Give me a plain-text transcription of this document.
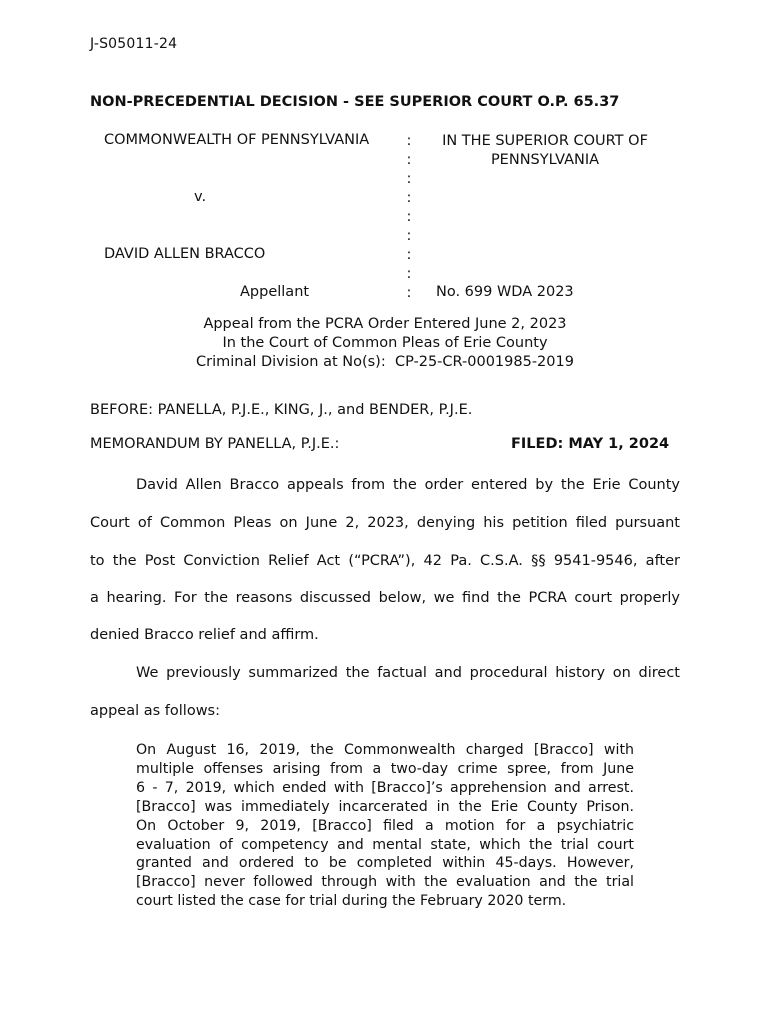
J-S05011-24
NON-PRECEDENTIAL DECISION - SEE SUPERIOR COURT O.P. 65.37
COMMONWEALTH OF PENNSYLVANIA
v.
DAVID ALLEN BRACCO
Appellant
:
:
:
:
:
:
:
:
:
IN THE SUPERIOR COURT OF PENNSYLVANIA
No. 699 WDA 2023
Appeal from the PCRA Order Entered June 2, 2023
In the Court of Common Pleas of Erie County
Criminal Division at No(s):  CP-25-CR-0001985-2019
BEFORE: PANELLA, P.J.E., KING, J., and BENDER, P.J.E.
MEMORANDUM BY PANELLA, P.J.E.:	FILED: MAY 1, 2024
David Allen Bracco appeals from the order entered by the Erie County
Court of Common Pleas on June 2, 2023, denying his petition filed pursuant
to the Post Conviction Relief Act (“PCRA”), 42 Pa. C.S.A. §§ 9541-9546, after
a hearing. For the reasons discussed below, we find the PCRA court properly
denied Bracco relief and affirm.
We previously summarized the factual and procedural history on direct
appeal as follows:
On August 16, 2019, the Commonwealth charged [Bracco] with
multiple offenses arising from a two-day crime spree, from June
6 - 7, 2019, which ended with [Bracco]’s apprehension and arrest.
[Bracco] was immediately incarcerated in the Erie County Prison.
On October 9, 2019, [Bracco] filed a motion for a psychiatric
evaluation of competency and mental state, which the trial court
granted and ordered to be completed within 45-days. However,
[Bracco] never followed through with the evaluation and the trial
court listed the case for trial during the February 2020 term.
